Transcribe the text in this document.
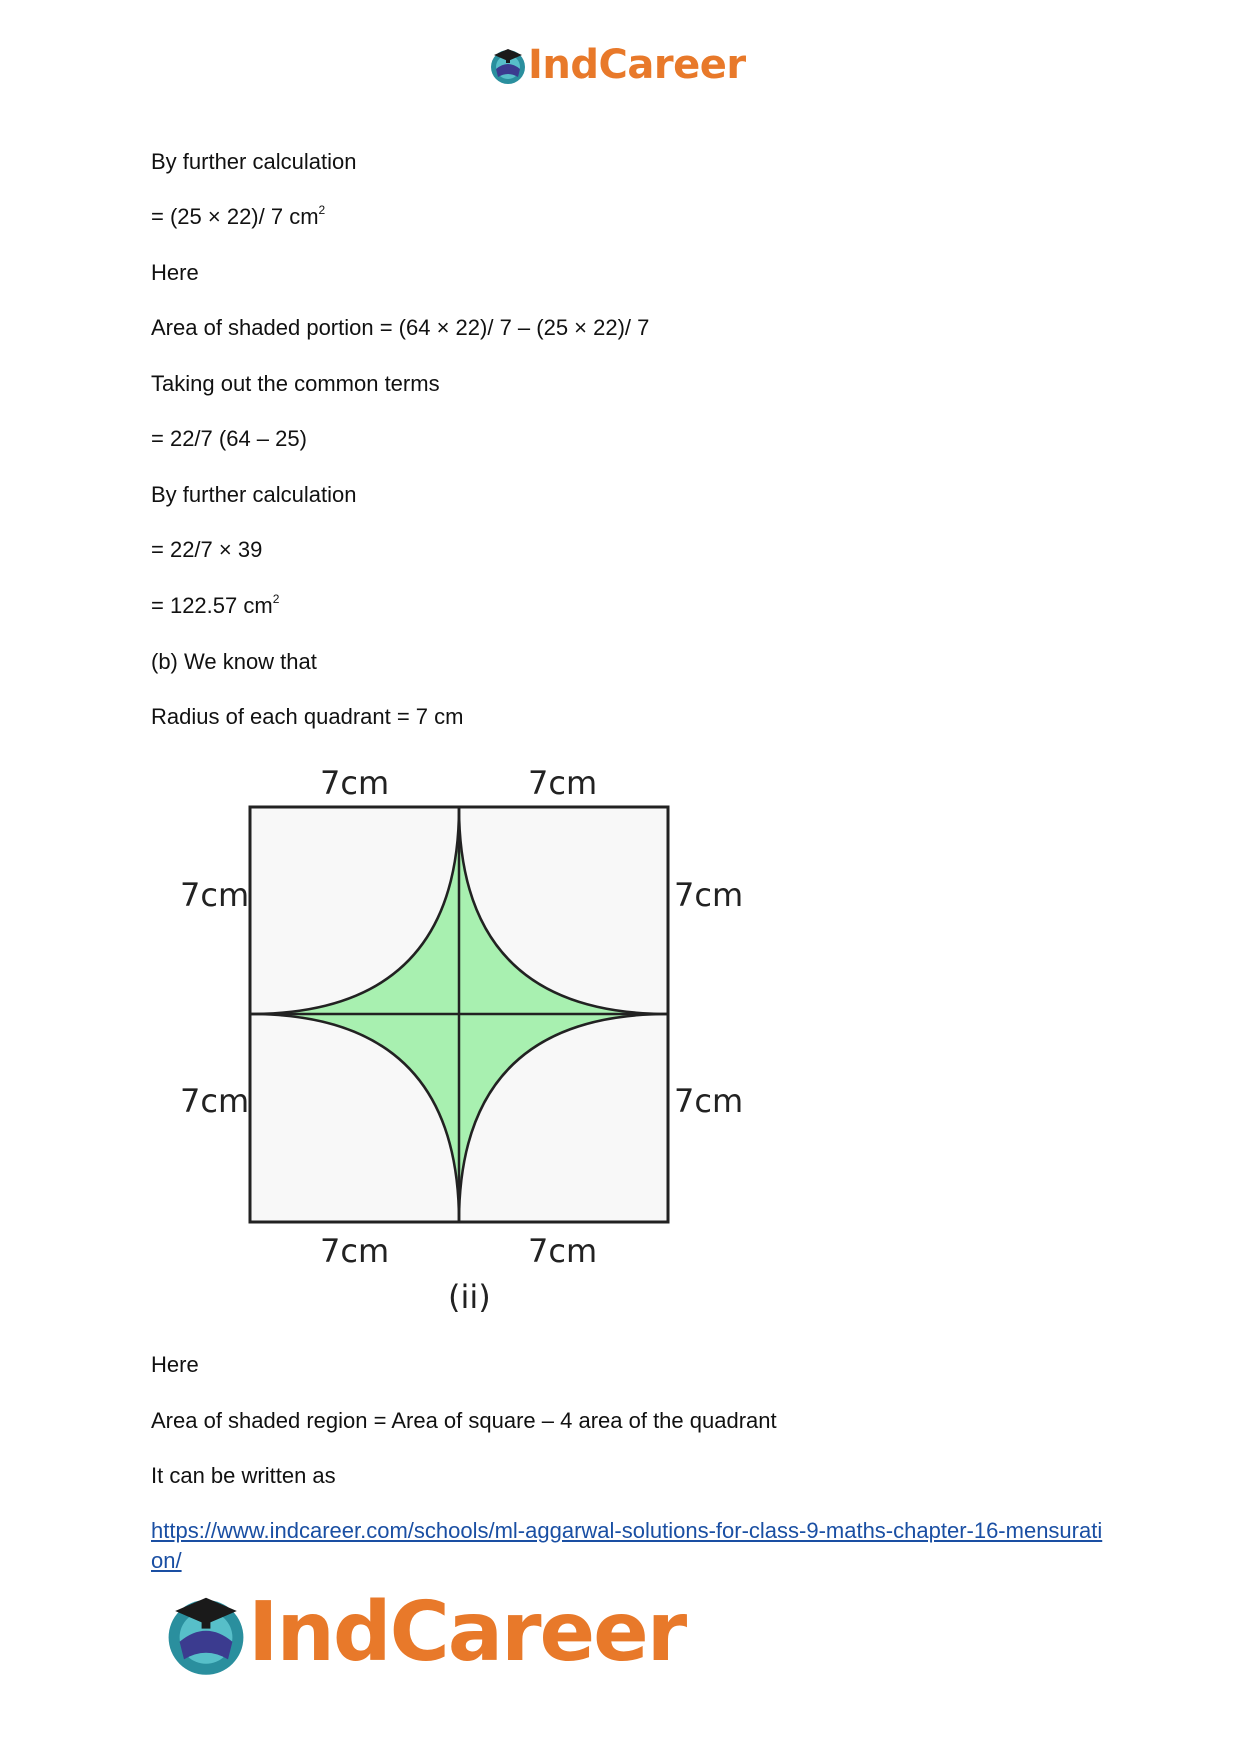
IndCareer
By further calculation
= (25 × 22)/ 7 $cm^2$
Here
Area of shaded portion = (64 × 22)/ 7 – (25 × 22)/ 7
Taking out the common terms
= 22/7 (64 – 25)
By further calculation
= 22/7 × 39
= 122.57 $cm^2$
(b) We know that
Radius of each quadrant = 7 cm
7cm	7cm
7cm	7cm
7cm	7cm
7cm	7cm
(ii)
Here
Area of shaded region = Area of square – 4 area of the quadrant
It can be written as
https://www.indcareer.com/schools/ml-aggarwal-solutions-for-class-9-maths-chapter-16-mensuration/
IndCareer
